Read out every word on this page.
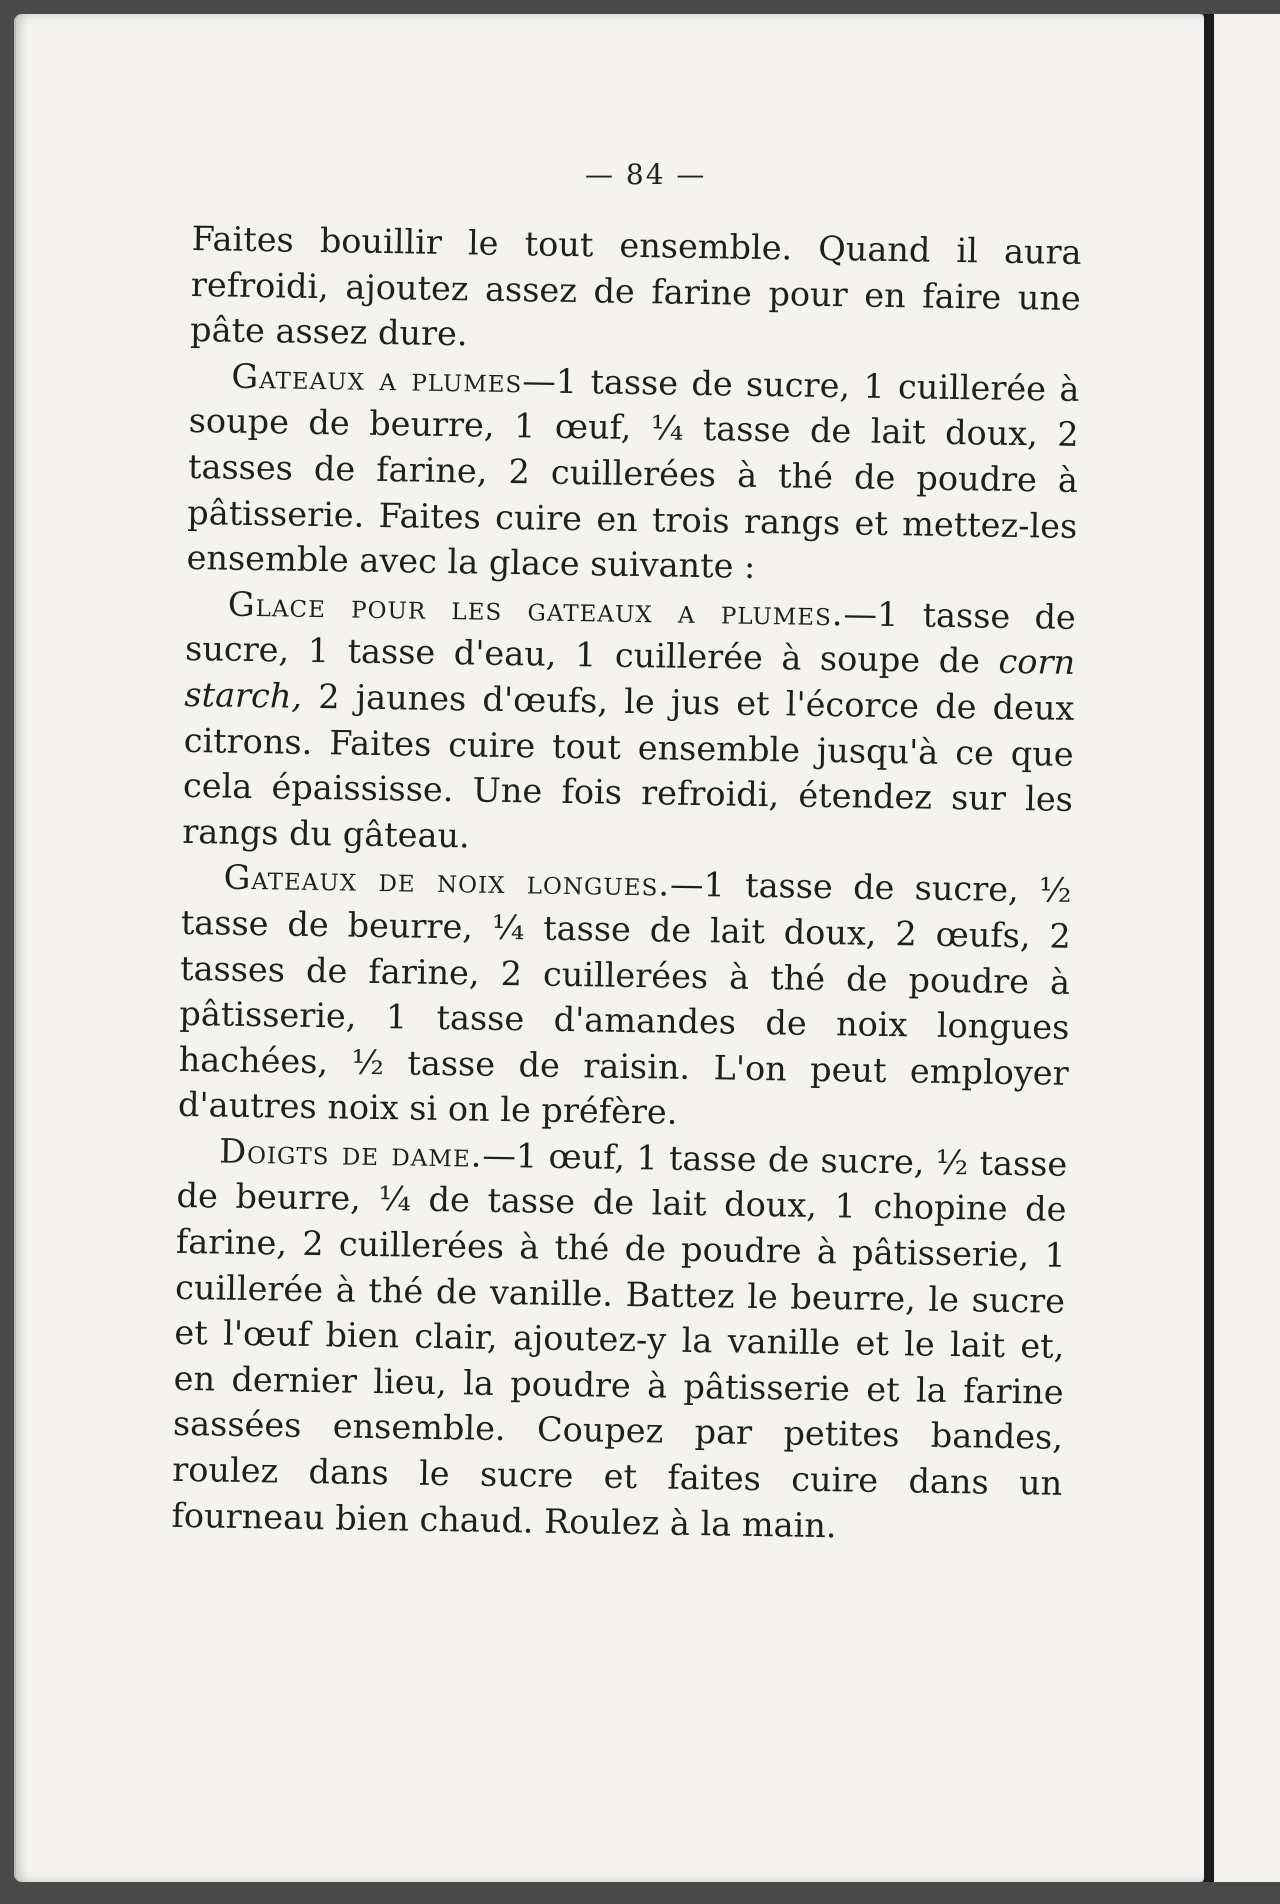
— 84 —

Faites bouillir le tout ensemble. Quand il aura refroidi, ajoutez assez de farine pour en faire une pâte assez dure.

Gateaux a plumes—1 tasse de sucre, 1 cuillerée à soupe de beurre, 1 œuf, ¼ tasse de lait doux, 2 tasses de farine, 2 cuillerées à thé de poudre à pâtisserie. Faites cuire en trois rangs et mettez-les ensemble avec la glace suivante :

Glace pour les gateaux a plumes.—1 tasse de sucre, 1 tasse d'eau, 1 cuillerée à soupe de corn starch, 2 jaunes d'œufs, le jus et l'écorce de deux citrons. Faites cuire tout ensemble jusqu'à ce que cela épaississe. Une fois refroidi, étendez sur les rangs du gâteau.

Gateaux de noix longues.—1 tasse de sucre, ½ tasse de beurre, ¼ tasse de lait doux, 2 œufs, 2 tasses de farine, 2 cuillerées à thé de poudre à pâtisserie, 1 tasse d'amandes de noix longues hachées, ½ tasse de raisin. L'on peut employer d'autres noix si on le préfère.

Doigts de dame.—1 œuf, 1 tasse de sucre, ½ tasse de beurre, ¼ de tasse de lait doux, 1 chopine de farine, 2 cuillerées à thé de poudre à pâtisserie, 1 cuillerée à thé de vanille. Battez le beurre, le sucre et l'œuf bien clair, ajoutez-y la vanille et le lait et, en dernier lieu, la poudre à pâtisserie et la farine sassées ensemble. Coupez par petites bandes, roulez dans le sucre et faites cuire dans un fourneau bien chaud. Roulez à la main.
